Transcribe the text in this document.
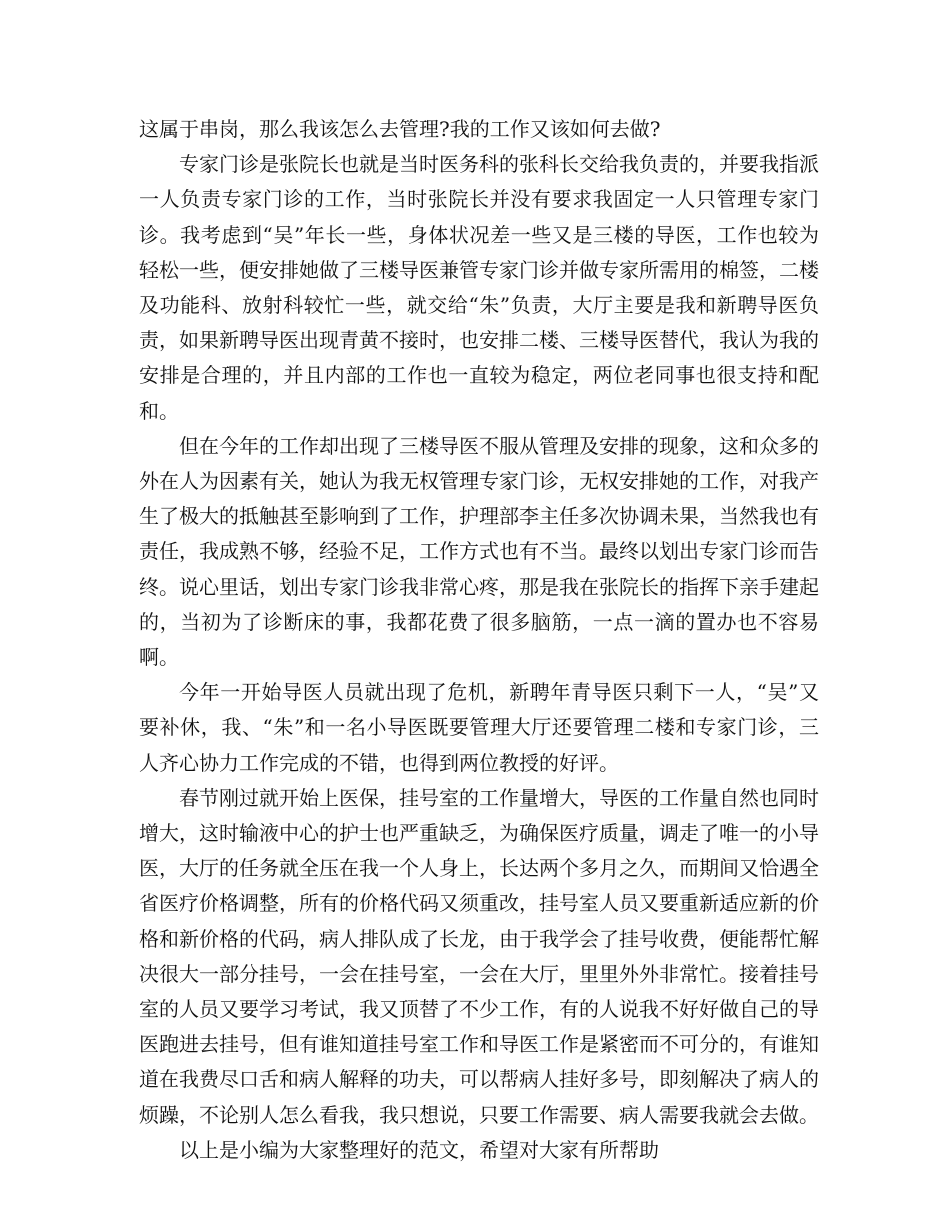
这属于串岗，那么我该怎么去管理?我的工作又该如何去做?

专家门诊是张院长也就是当时医务科的张科长交给我负责的，并要我指派一人负责专家门诊的工作，当时张院长并没有要求我固定一人只管理专家门诊。我考虑到“吴”年长一些，身体状况差一些又是三楼的导医，工作也较为轻松一些，便安排她做了三楼导医兼管专家门诊并做专家所需用的棉签，二楼及功能科、放射科较忙一些，就交给“朱”负责，大厅主要是我和新聘导医负责，如果新聘导医出现青黄不接时，也安排二楼、三楼导医替代，我认为我的安排是合理的，并且内部的工作也一直较为稳定，两位老同事也很支持和配和。

但在今年的工作却出现了三楼导医不服从管理及安排的现象，这和众多的外在人为因素有关，她认为我无权管理专家门诊，无权安排她的工作，对我产生了极大的抵触甚至影响到了工作，护理部李主任多次协调未果，当然我也有责任，我成熟不够，经验不足，工作方式也有不当。最终以划出专家门诊而告终。说心里话，划出专家门诊我非常心疼，那是我在张院长的指挥下亲手建起的，当初为了诊断床的事，我都花费了很多脑筋，一点一滴的置办也不容易啊。

今年一开始导医人员就出现了危机，新聘年青导医只剩下一人，“吴”又要补休，我、“朱”和一名小导医既要管理大厅还要管理二楼和专家门诊，三人齐心协力工作完成的不错，也得到两位教授的好评。

春节刚过就开始上医保，挂号室的工作量增大，导医的工作量自然也同时增大，这时输液中心的护士也严重缺乏，为确保医疗质量，调走了唯一的小导医，大厅的任务就全压在我一个人身上，长达两个多月之久，而期间又恰遇全省医疗价格调整，所有的价格代码又须重改，挂号室人员又要重新适应新的价格和新价格的代码，病人排队成了长龙，由于我学会了挂号收费，便能帮忙解决很大一部分挂号，一会在挂号室，一会在大厅，里里外外非常忙。接着挂号室的人员又要学习考试，我又顶替了不少工作，有的人说我不好好做自己的导医跑进去挂号，但有谁知道挂号室工作和导医工作是紧密而不可分的，有谁知道在我费尽口舌和病人解释的功夫，可以帮病人挂好多号，即刻解决了病人的烦躁，不论别人怎么看我，我只想说，只要工作需要、病人需要我就会去做。

以上是小编为大家整理好的范文，希望对大家有所帮助
